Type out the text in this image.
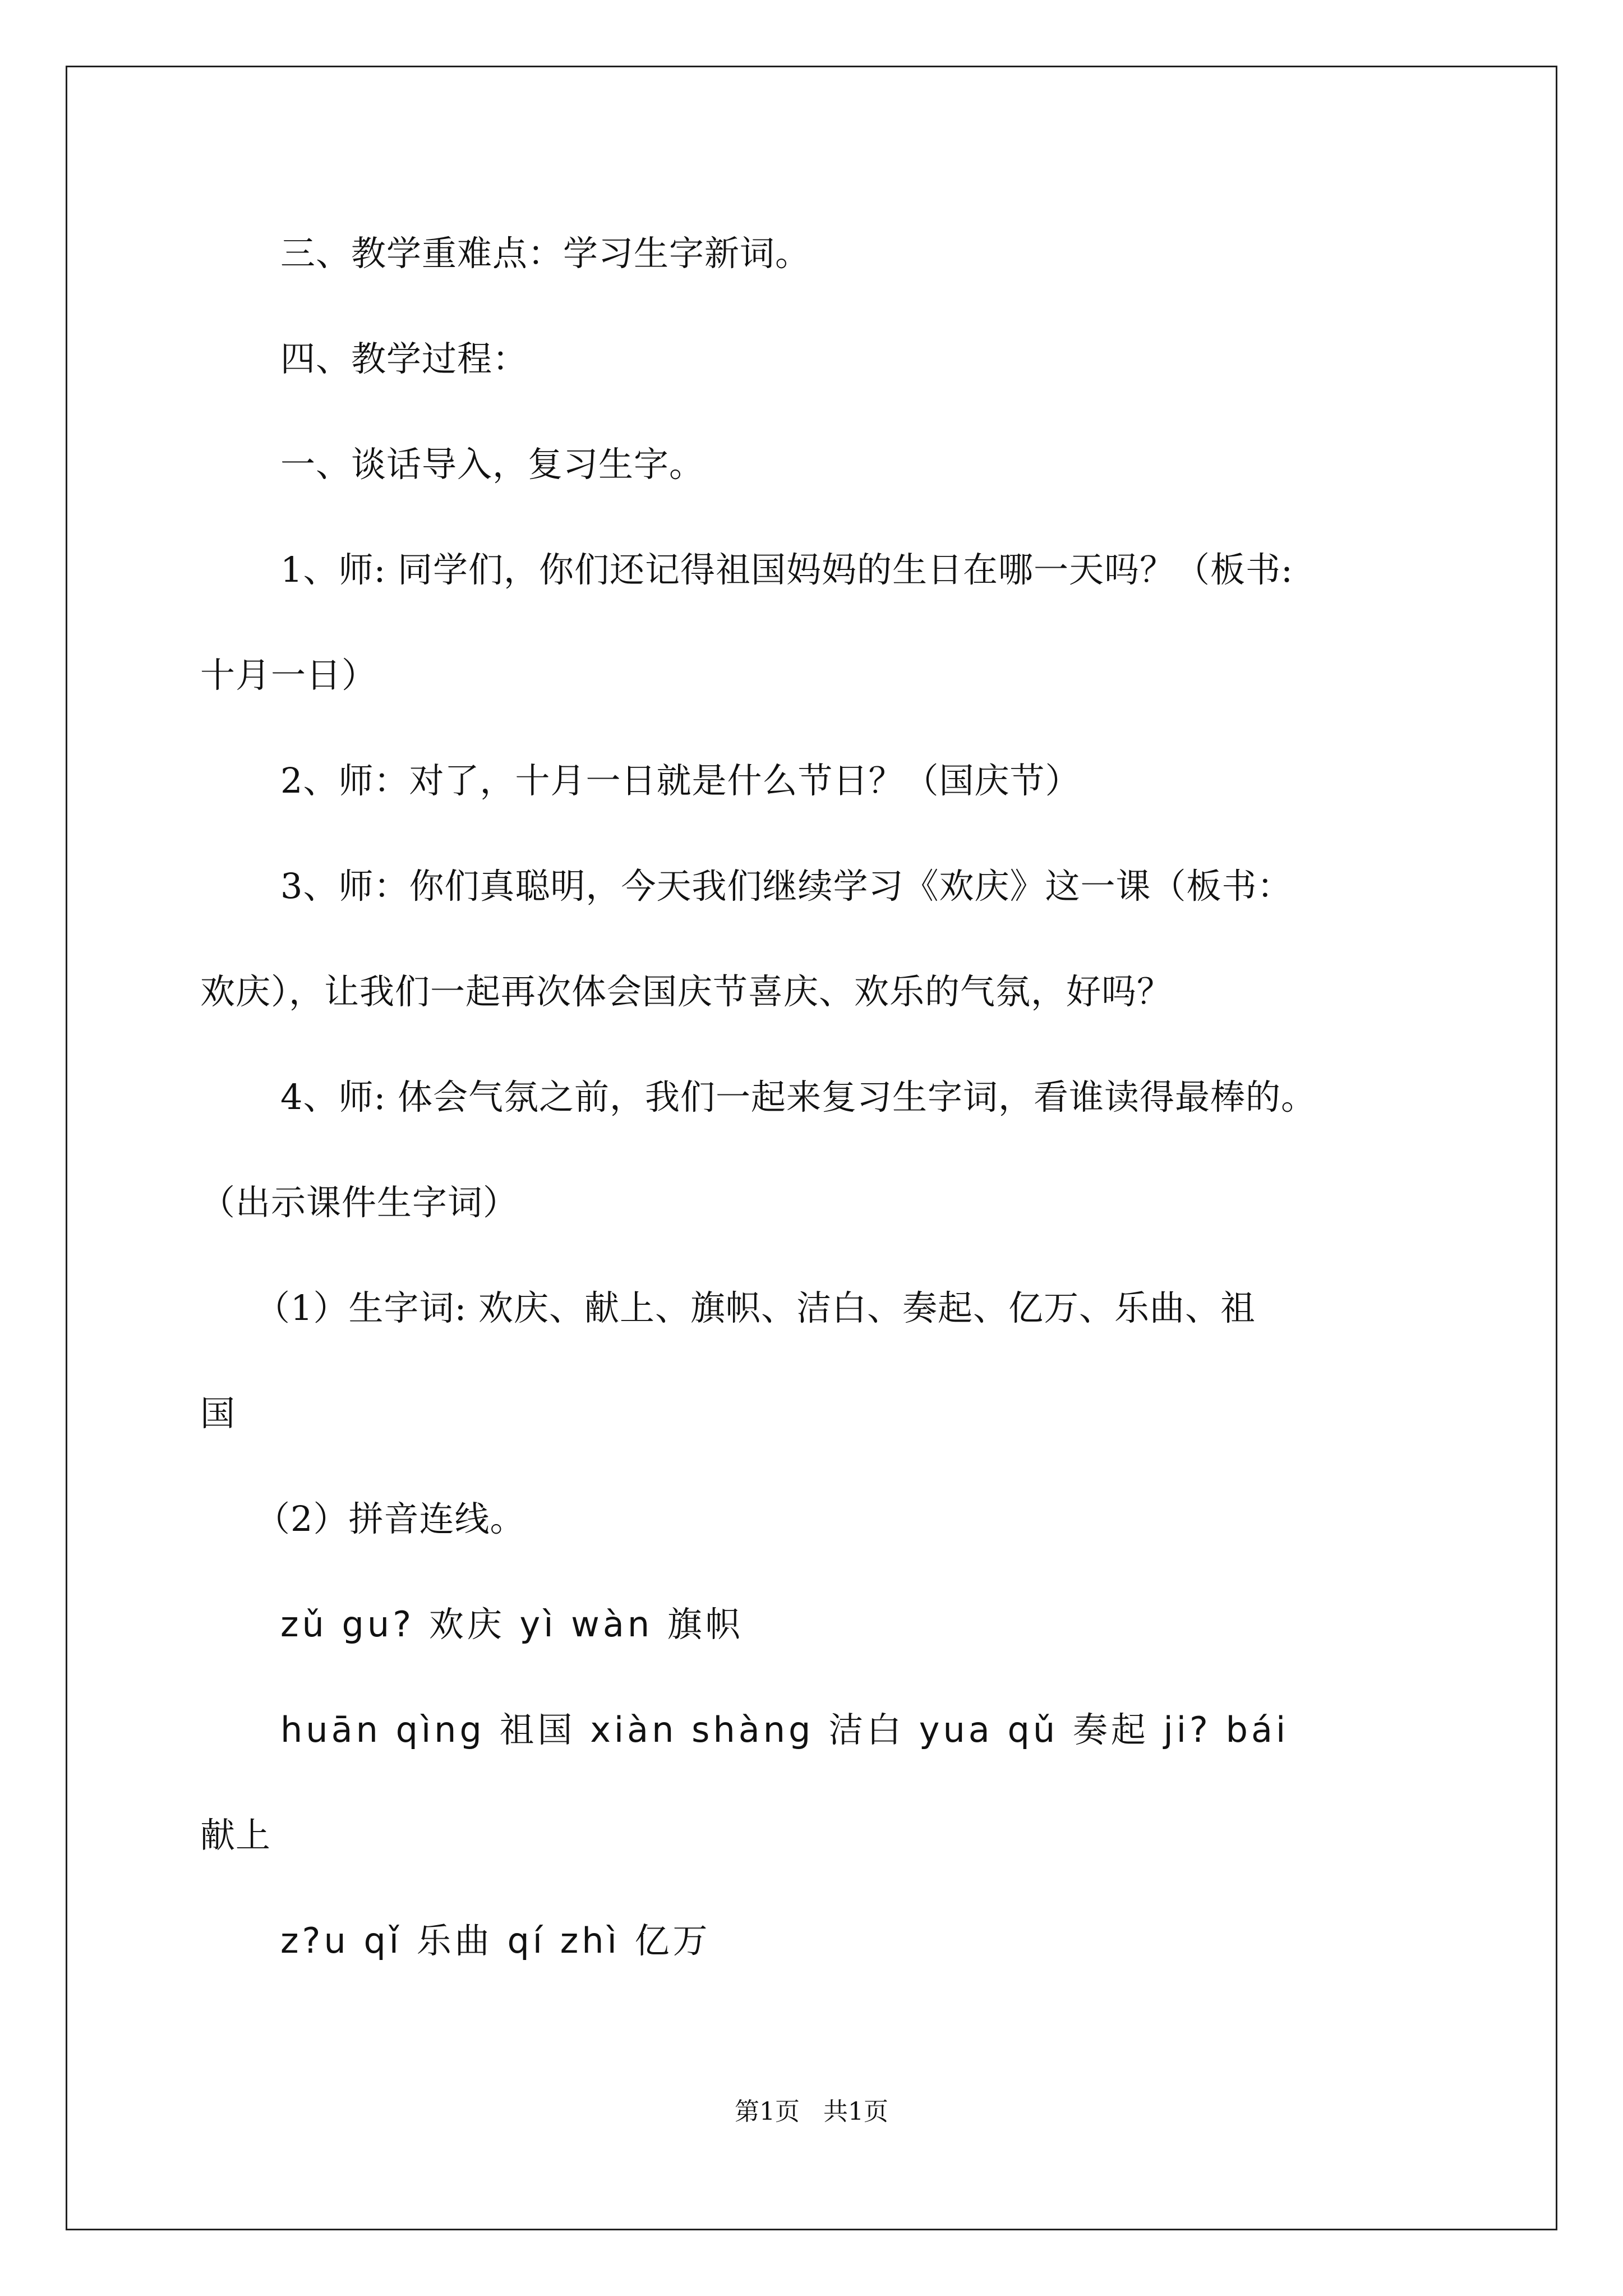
三、教学重难点：学习生字新词。
四、教学过程：
一、谈话导入，复习生字。
1、师: 同学们，你们还记得祖国妈妈的生日在哪一天吗？（板书:
十月一日）
2、师：对了，十月一日就是什么节日？（国庆节）
3、师：你们真聪明，今天我们继续学习《欢庆》这一课（板书：
欢庆），让我们一起再次体会国庆节喜庆、欢乐的气氛，好吗？
4、师: 体会气氛之前，我们一起来复习生字词，看谁读得最棒的。
（出示课件生字词）
（1）生字词: 欢庆、献上、旗帜、洁白、奏起、亿万、乐曲、祖
国
（2）拼音连线。
zǔ gu? 欢庆 yì wàn 旗帜
huān qìng 祖国 xiàn shàng 洁白 yua qǔ 奏起 ji? bái
献上
z?u qǐ 乐曲 qí zhì 亿万
第1页   共1页
